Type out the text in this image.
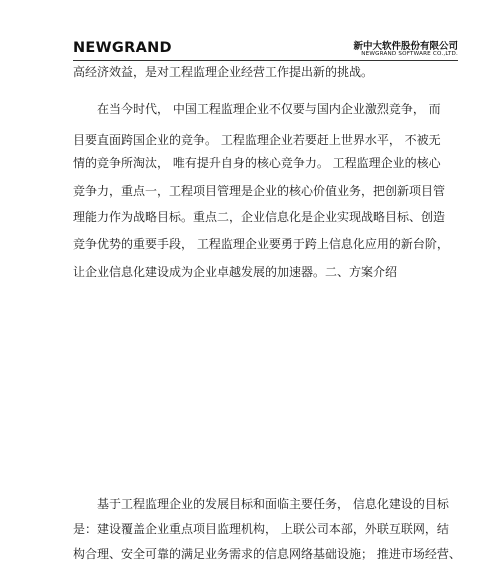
NEWGRAND	新中大软件股份有限公司
NEWGRAND SOFTWARE CO.,LTD.
高经济效益，是对工程监理企业经营工作提出新的挑战。
　　在当今时代， 中国工程监理企业不仅要与国内企业激烈竞争， 而
目要直面跨国企业的竞争。 工程监理企业若要赶上世界水平， 不被无
情的竞争所淘汰， 唯有提升自身的核心竞争力。 工程监理企业的核心
竞争力，重点一，工程项目管理是企业的核心价值业务，把创新项目管
理能力作为战略目标。重点二，企业信息化是企业实现战略目标、创造
竞争优势的重要手段， 工程监理企业要勇于跨上信息化应用的新台阶，
让企业信息化建设成为企业卓越发展的加速器。二、方案介绍
　　基于工程监理企业的发展目标和面临主要任务， 信息化建设的目标
是：建设覆盖企业重点项目监理机构， 上联公司本部，外联互联网，结
构合理、安全可靠的满足业务需求的信息网络基础设施； 推进市场经营、
